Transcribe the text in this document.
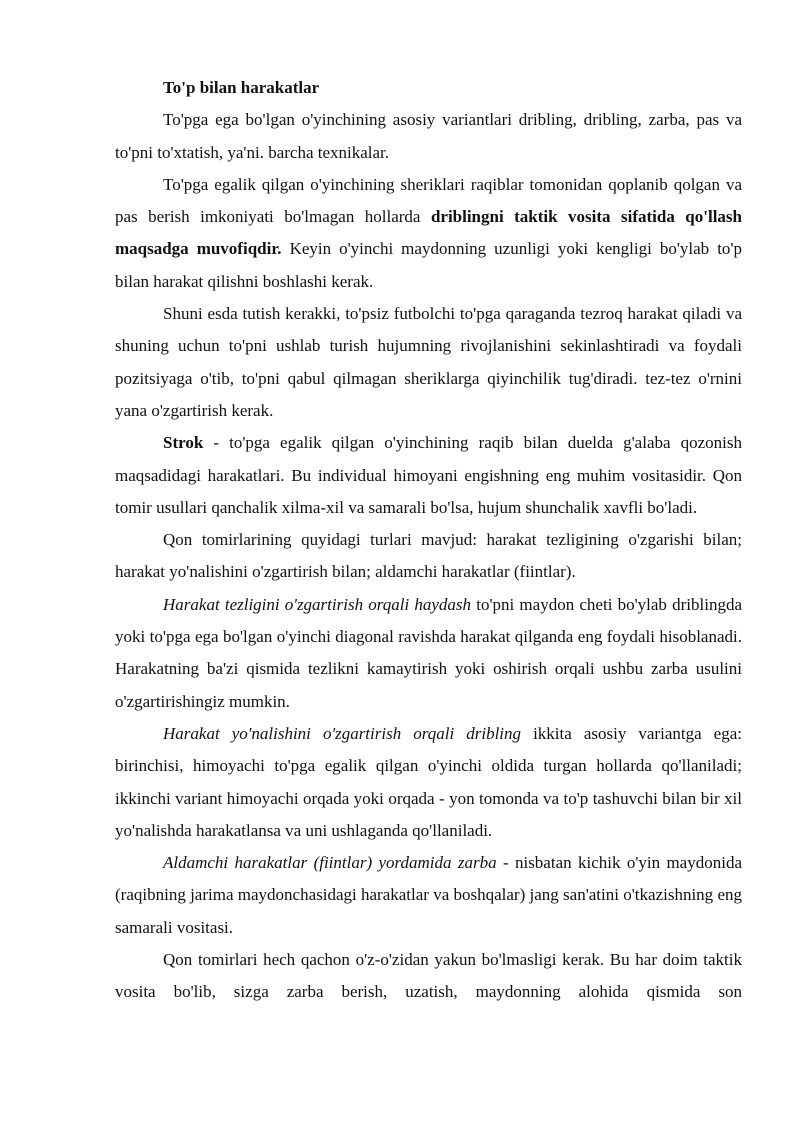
To'p bilan harakatlar

To'pga ega bo'lgan o'yinchining asosiy variantlari dribling, dribling, zarba, pas va to'pni to'xtatish, ya'ni. barcha texnikalar.

To'pga egalik qilgan o'yinchining sheriklari raqiblar tomonidan qoplanib qolgan va pas berish imkoniyati bo'lmagan hollarda driblingni taktik vosita sifatida qo'llash maqsadga muvofiqdir. Keyin o'yinchi maydonning uzunligi yoki kengligi bo'ylab to'p bilan harakat qilishni boshlashi kerak.

Shuni esda tutish kerakki, to'psiz futbolchi to'pga qaraganda tezroq harakat qiladi va shuning uchun to'pni ushlab turish hujumning rivojlanishini sekinlashtiradi va foydali pozitsiyaga o'tib, to'pni qabul qilmagan sheriklarga qiyinchilik tug'diradi. tez-tez o'rnini yana o'zgartirish kerak.

Strok - to'pga egalik qilgan o'yinchining raqib bilan duelda g'alaba qozonish maqsadidagi harakatlari. Bu individual himoyani engishning eng muhim vositasidir. Qon tomir usullari qanchalik xilma-xil va samarali bo'lsa, hujum shunchalik xavfli bo'ladi.

Qon tomirlarining quyidagi turlari mavjud: harakat tezligining o'zgarishi bilan; harakat yo'nalishini o'zgartirish bilan; aldamchi harakatlar (fiintlar).

Harakat tezligini o'zgartirish orqali haydash to'pni maydon cheti bo'ylab driblingda yoki to'pga ega bo'lgan o'yinchi diagonal ravishda harakat qilganda eng foydali hisoblanadi. Harakatning ba'zi qismida tezlikni kamaytirish yoki oshirish orqali ushbu zarba usulini o'zgartirishingiz mumkin.

Harakat yo'nalishini o'zgartirish orqali dribling ikkita asosiy variantga ega: birinchisi, himoyachi to'pga egalik qilgan o'yinchi oldida turgan hollarda qo'llaniladi; ikkinchi variant himoyachi orqada yoki orqada - yon tomonda va to'p tashuvchi bilan bir xil yo'nalishda harakatlansa va uni ushlaganda qo'llaniladi.

Aldamchi harakatlar (fiintlar) yordamida zarba - nisbatan kichik o'yin maydonida (raqibning jarima maydonchasidagi harakatlar va boshqalar) jang san'atini o'tkazishning eng samarali vositasi.

Qon tomirlari hech qachon o'z-o'zidan yakun bo'lmasligi kerak. Bu har doim taktik vosita bo'lib, sizga zarba berish, uzatish, maydonning alohida qismida son
